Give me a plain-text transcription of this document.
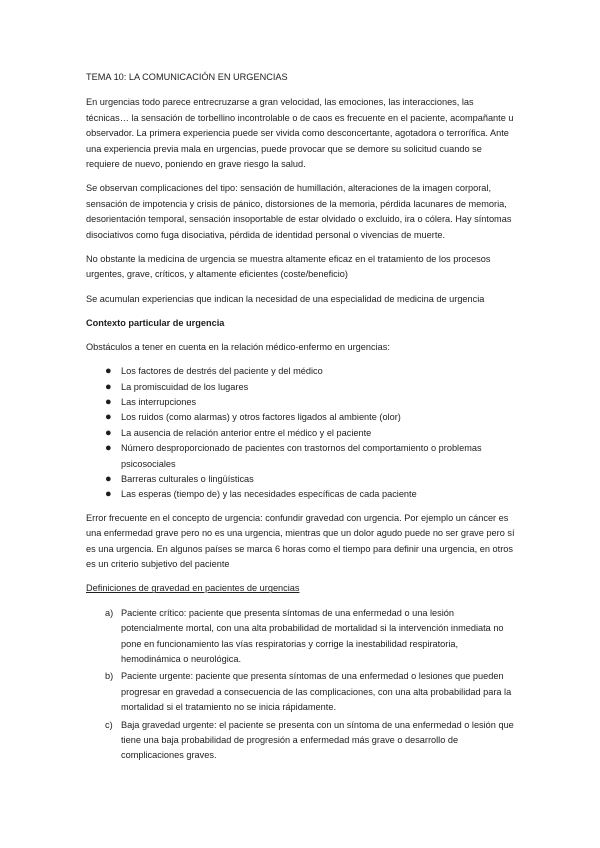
TEMA 10: LA COMUNICACIÓN EN URGENCIAS

En urgencias todo parece entrecruzarse a gran velocidad, las emociones, las interacciones, las técnicas… la sensación de torbellino incontrolable o de caos es frecuente en el paciente, acompañante u observador. La primera experiencia puede ser vivida como desconcertante, agotadora o terrorífica. Ante una experiencia previa mala en urgencias, puede provocar que se demore su solicitud cuando se requiere de nuevo, poniendo en grave riesgo la salud.

Se observan complicaciones del tipo: sensación de humillación, alteraciones de la imagen corporal, sensación de impotencia y crisis de pánico, distorsiones de la memoria, pérdida lacunares de memoria, desorientación temporal, sensación insoportable de estar olvidado o excluido, ira o cólera. Hay síntomas disociativos como fuga disociativa, pérdida de identidad personal o vivencias de muerte.

No obstante la medicina de urgencia se muestra altamente eficaz en el tratamiento de los procesos urgentes, grave, críticos, y altamente eficientes (coste/beneficio)

Se acumulan experiencias que indican la necesidad de una especialidad de medicina de urgencia

Contexto particular de urgencia

Obstáculos a tener en cuenta en la relación médico-enfermo en urgencias:

● Los factores de destrés del paciente y del médico
● La promiscuidad de los lugares
● Las interrupciones
● Los ruidos (como alarmas) y otros factores ligados al ambiente (olor)
● La ausencia de relación anterior entre el médico y el paciente
● Número desproporcionado de pacientes con trastornos del comportamiento o problemas psicosociales
● Barreras culturales o lingüísticas
● Las esperas (tiempo de) y las necesidades específicas de cada paciente

Error frecuente en el concepto de urgencia: confundir gravedad con urgencia. Por ejemplo un cáncer es una enfermedad grave pero no es una urgencia, mientras que un dolor agudo puede no ser grave pero sí es una urgencia. En algunos países se marca 6 horas como el tiempo para definir una urgencia, en otros es un criterio subjetivo del paciente

Definiciones de gravedad en pacientes de urgencias
a) Paciente crítico: paciente que presenta síntomas de una enfermedad o una lesión potencialmente mortal, con una alta probabilidad de mortalidad si la intervención inmediata no pone en funcionamiento las vías respiratorias y corrige la inestabilidad respiratoria, hemodinámica o neurológica.
b) Paciente urgente: paciente que presenta síntomas de una enfermedad o lesiones que pueden progresar en gravedad a consecuencia de las complicaciones, con una alta probabilidad para la mortalidad si el tratamiento no se inicia rápidamente.
c) Baja gravedad urgente: el paciente se presenta con un síntoma de una enfermedad o lesión que tiene una baja probabilidad de progresión a enfermedad más grave o desarrollo de complicaciones graves.
